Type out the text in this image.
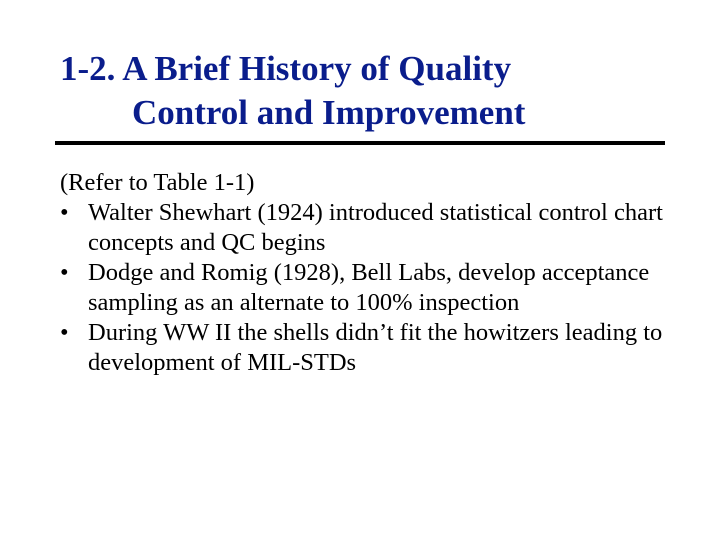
1-2. A Brief History of Quality
Control and Improvement

(Refer to Table 1-1)

• Walter Shewhart (1924) introduced statistical control chart concepts and QC begins
• Dodge and Romig (1928), Bell Labs, develop acceptance sampling as an alternate to 100% inspection
• During WW II the shells didn’t fit the howitzers leading to development of MIL-STDs
